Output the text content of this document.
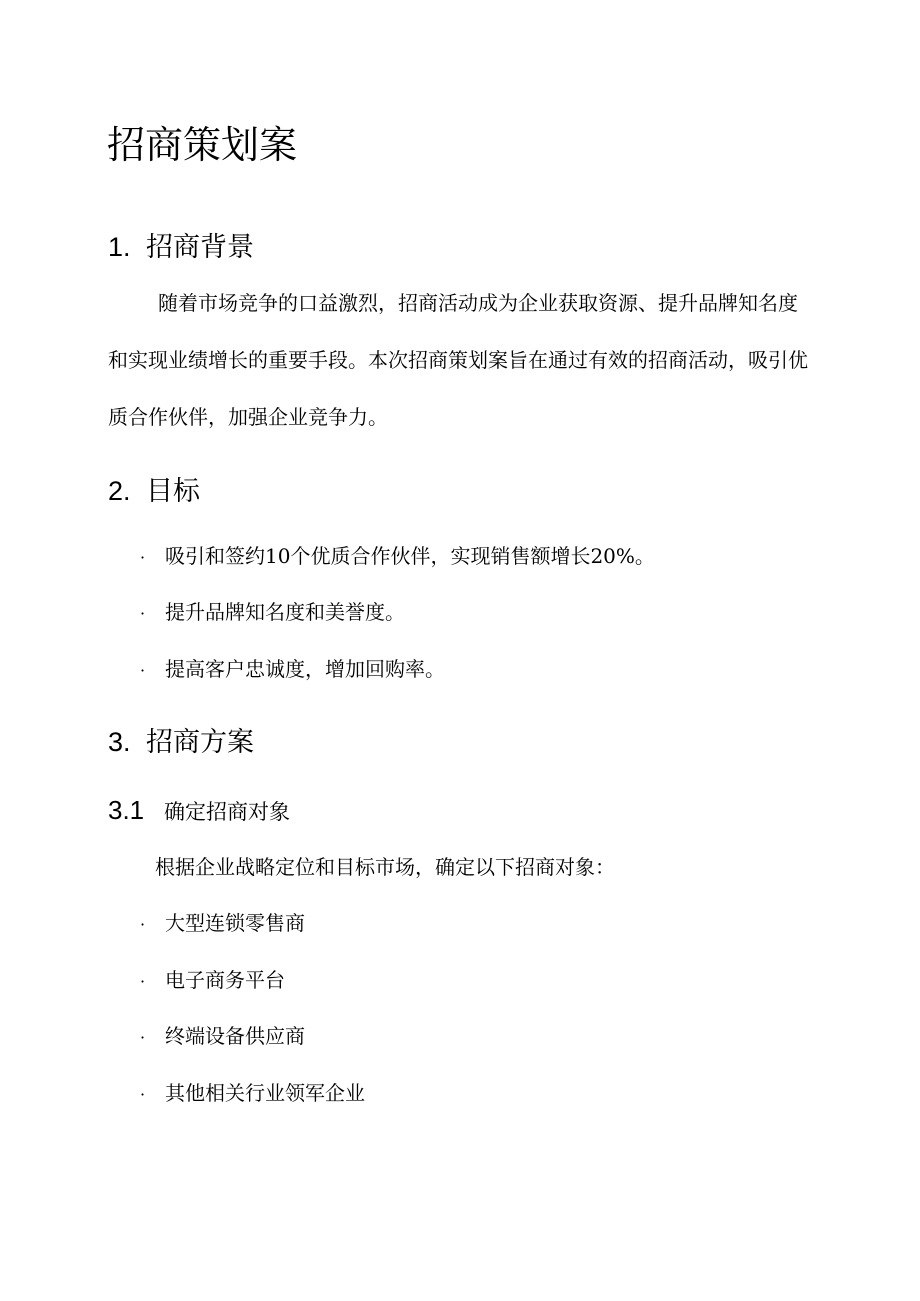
招商策划案
1. 招商背景

随着市场竞争的口益激烈，招商活动成为企业获取资源、提升品牌知名度和实现业绩增长的重要手段。本次招商策划案旨在通过有效的招商活动，吸引优质合作伙伴，加强企业竞争力。

2. 目标
· 吸引和签约10个优质合作伙伴，实现销售额增长20%。
· 提升品牌知名度和美誉度。
· 提高客户忠诚度，增加回购率。
3. 招商方案
3.1 确定招商对象
根据企业战略定位和目标市场，确定以下招商对象：
· 大型连锁零售商
· 电子商务平台
· 终端设备供应商
· 其他相关行业领军企业
